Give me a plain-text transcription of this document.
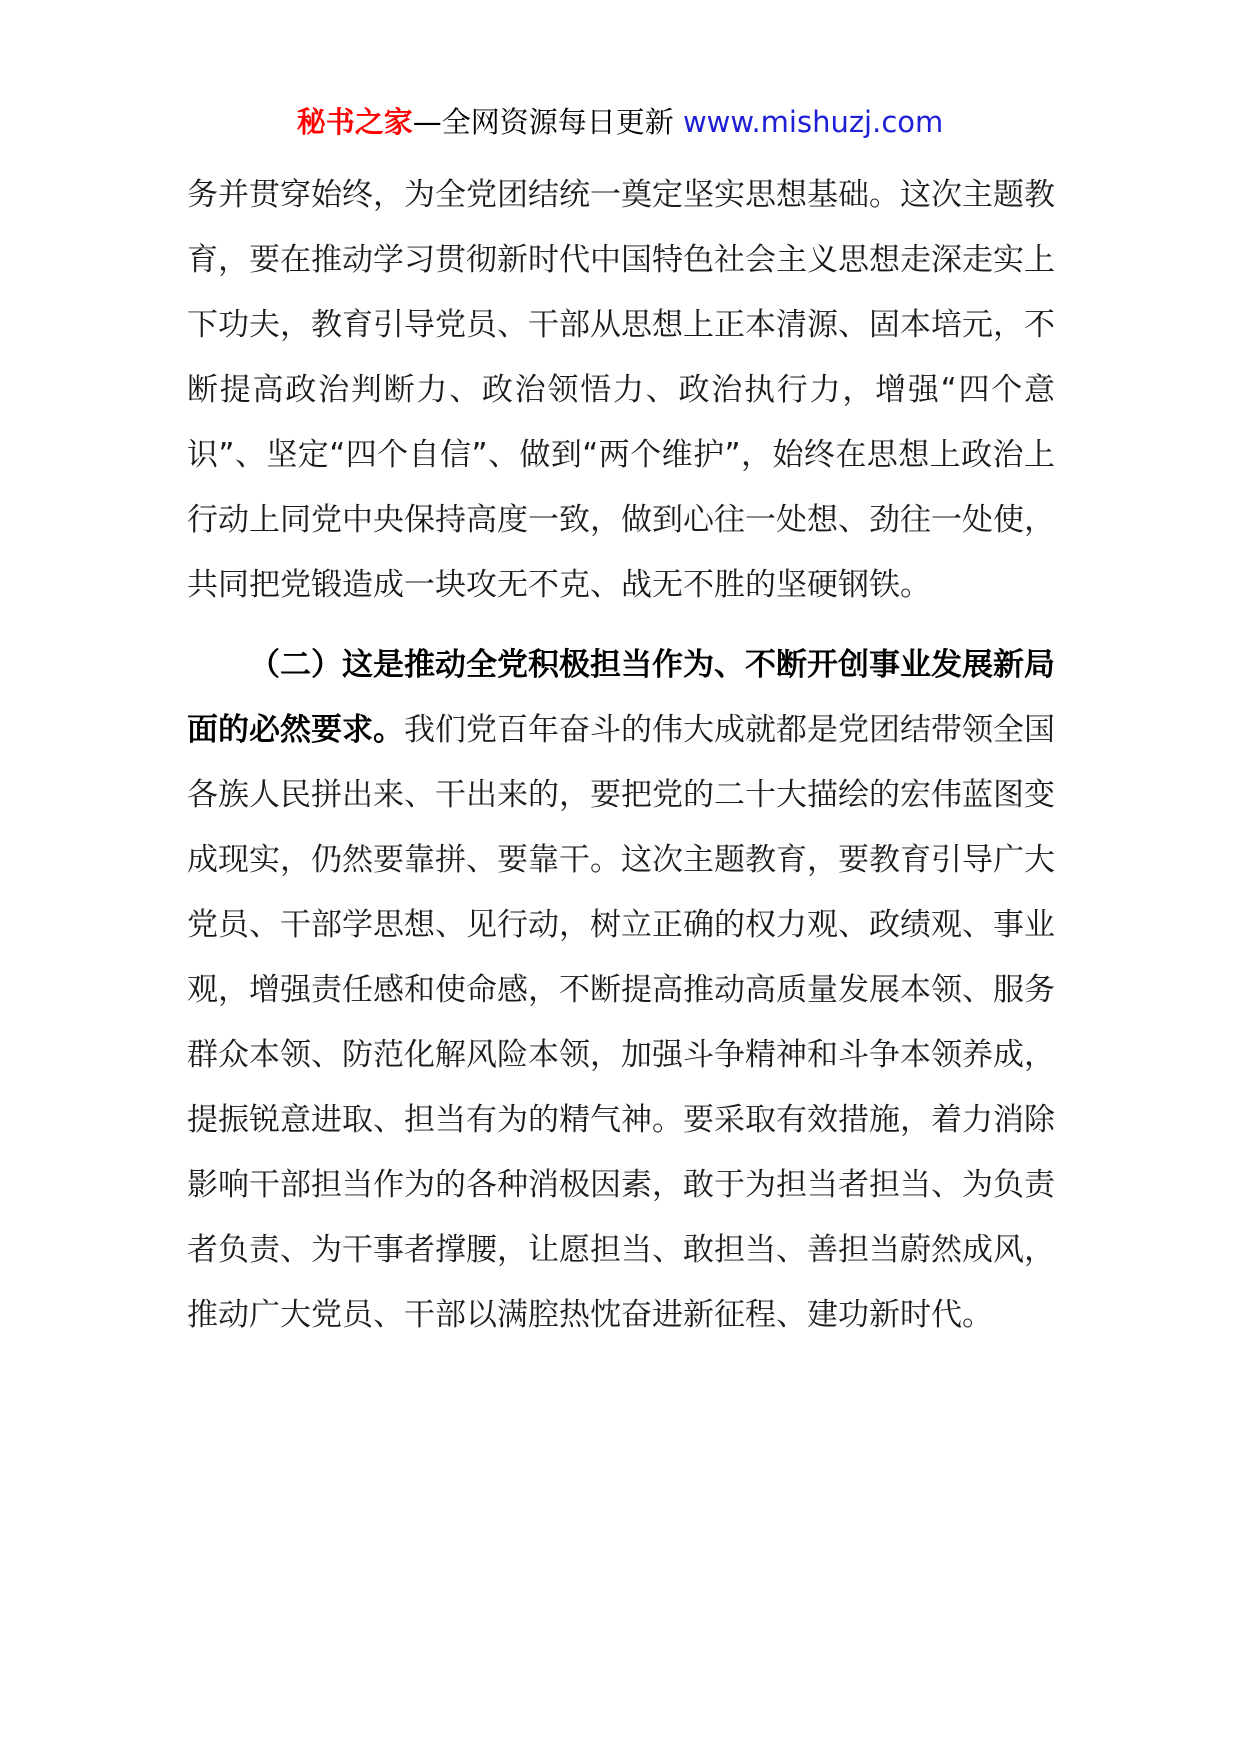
秘书之家—全网资源每日更新 www.mishuzj.com

务并贯穿始终，为全党团结统一奠定坚实思想基础。这次主题教育，要在推动学习贯彻新时代中国特色社会主义思想走深走实上下功夫，教育引导党员、干部从思想上正本清源、固本培元，不断提高政治判断力、政治领悟力、政治执行力，增强“四个意识”、坚定“四个自信”、做到“两个维护”，始终在思想上政治上行动上同党中央保持高度一致，做到心往一处想、劲往一处使，共同把党锻造成一块攻无不克、战无不胜的坚硬钢铁。

（二）这是推动全党积极担当作为、不断开创事业发展新局面的必然要求。我们党百年奋斗的伟大成就都是党团结带领全国各族人民拼出来、干出来的，要把党的二十大描绘的宏伟蓝图变成现实，仍然要靠拼、要靠干。这次主题教育，要教育引导广大党员、干部学思想、见行动，树立正确的权力观、政绩观、事业观，增强责任感和使命感，不断提高推动高质量发展本领、服务群众本领、防范化解风险本领，加强斗争精神和斗争本领养成，提振锐意进取、担当有为的精气神。要采取有效措施，着力消除影响干部担当作为的各种消极因素，敢于为担当者担当、为负责者负责、为干事者撑腰，让愿担当、敢担当、善担当蔚然成风，推动广大党员、干部以满腔热忱奋进新征程、建功新时代。
